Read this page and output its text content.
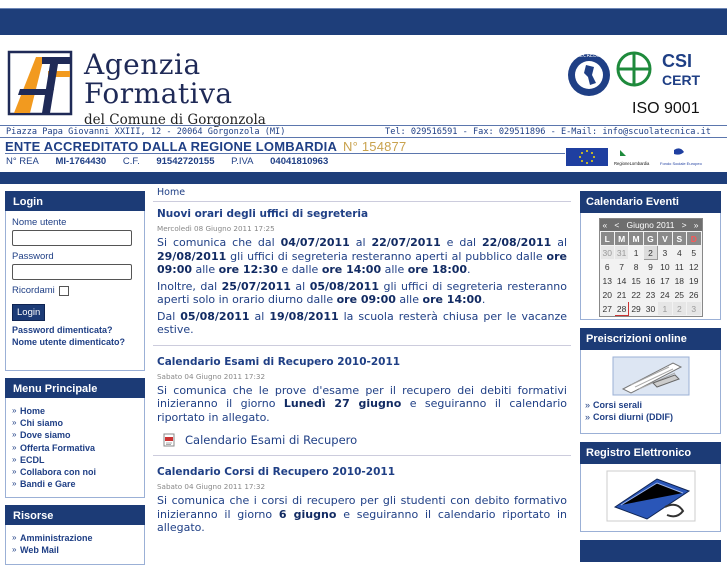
Agenzia
Formativa
del Comune di Gorgonzola
ACCREDIA	CSI
CERT
ISO 9001
Piazza Papa Giovanni XXIII, 12 - 20064 Gorgonzola (MI)	Tel: 029516591 - Fax: 029511896 - E-Mail: info@scuolatecnica.it
ENTE ACCREDITATO DALLA REGIONE LOMBARDIA N° 154877
N° REA MI-1764430 C.F. 91542720155 P.IVA 04041810963	RegioneLombardia	Fondo Sociale Europeo
Login
Nome utente
Password
Ricordami
Login
Password dimenticata?
Nome utente dimenticato?
Menu Principale
» Home
» Chi siamo
» Dove siamo
» Offerta Formativa
» ECDL
» Collabora con noi
» Bandi e Gare
Risorse
» Amministrazione
» Web Mail
Home
Nuovi orari degli uffici di segreteria
Mercoledì 08 Giugno 2011 17:25

Si comunica che dal 04/07/2011 al 22/07/2011 e dal 22/08/2011 al 29/08/2011 gli uffici di segreteria resteranno aperti al pubblico dalle ore 09:00 alle ore 12:30 e dalle ore 14:00 alle ore 18:00.

Inoltre, dal 25/07/2011 al 05/08/2011 gli uffici di segreteria resteranno aperti solo in orario diurno dalle ore 09:00 alle ore 14:00.

Dal 05/08/2011 al 19/08/2011 la scuola resterà chiusa per le vacanze estive.

Calendario Esami di Recupero 2010-2011
Sabato 04 Giugno 2011 17:32

Si comunica che le prove d'esame per il recupero dei debiti formativi inizieranno il giorno Lunedì 27 giugno e seguiranno il calendario riportato in allegato.

Calendario Esami di Recupero
Calendario Corsi di Recupero 2010-2011
Sabato 04 Giugno 2011 17:32

Si comunica che i corsi di recupero per gli studenti con debito formativo inizieranno il giorno 6 giugno e seguiranno il calendario riportato in allegato.

Calendario Eventi
« < Giugno 2011 > »
L	M	M	G	V	S	D
30	31	1	2	3	4	5
6	7	8	9	10	11	12
13	14	15	16	17	18	19
20	21	22	23	24	25	26
27	28	29	30	1	2	3
Preiscrizioni online
» Corsi serali
» Corsi diurni (DDIF)
Registro Elettronico
